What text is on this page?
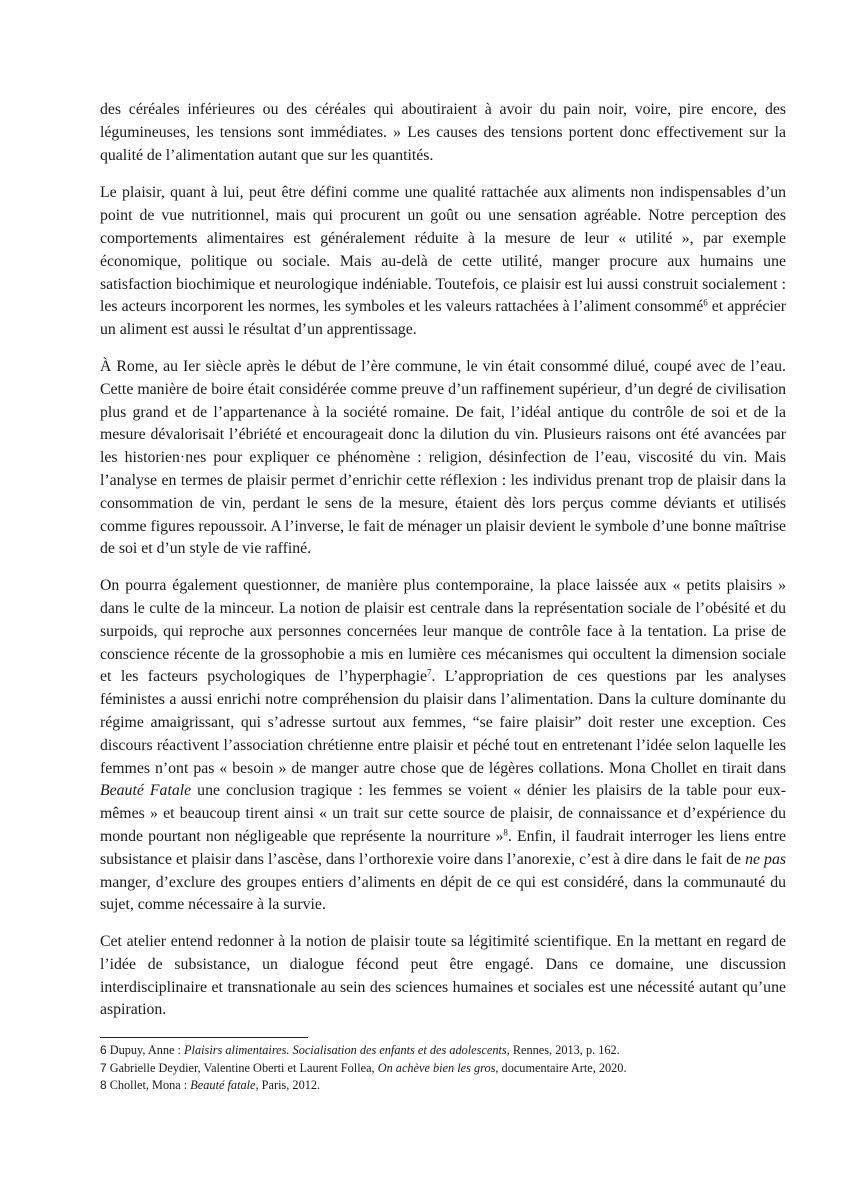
des céréales inférieures ou des céréales qui aboutiraient à avoir du pain noir, voire, pire encore, des légumineuses, les tensions sont immédiates. » Les causes des tensions portent donc effectivement sur la qualité de l’alimentation autant que sur les quantités.

Le plaisir, quant à lui, peut être défini comme une qualité rattachée aux aliments non indispensables d’un point de vue nutritionnel, mais qui procurent un goût ou une sensation agréable. Notre perception des comportements alimentaires est généralement réduite à la mesure de leur « utilité », par exemple économique, politique ou sociale. Mais au-delà de cette utilité, manger procure aux humains une satisfaction biochimique et neurologique indéniable. Toutefois, ce plaisir est lui aussi construit socialement : les acteurs incorporent les normes, les symboles et les valeurs rattachées à l’aliment consommé$^6$ et apprécier un aliment est aussi le résultat d’un apprentissage.

À Rome, au Ier siècle après le début de l’ère commune, le vin était consommé dilué, coupé avec de l’eau. Cette manière de boire était considérée comme preuve d’un raffinement supérieur, d’un degré de civilisation plus grand et de l’appartenance à la société romaine. De fait, l’idéal antique du contrôle de soi et de la mesure dévalorisait l’ébriété et encourageait donc la dilution du vin. Plusieurs raisons ont été avancées par les historien·nes pour expliquer ce phénomène : religion, désinfection de l’eau, viscosité du vin. Mais l’analyse en termes de plaisir permet d’enrichir cette réflexion : les individus prenant trop de plaisir dans la consommation de vin, perdant le sens de la mesure, étaient dès lors perçus comme déviants et utilisés comme figures repoussoir. A l’inverse, le fait de ménager un plaisir devient le symbole d’une bonne maîtrise de soi et d’un style de vie raffiné.

On pourra également questionner, de manière plus contemporaine, la place laissée aux « petits plaisirs » dans le culte de la minceur. La notion de plaisir est centrale dans la représentation sociale de l’obésité et du surpoids, qui reproche aux personnes concernées leur manque de contrôle face à la tentation. La prise de conscience récente de la grossophobie a mis en lumière ces mécanismes qui occultent la dimension sociale et les facteurs psychologiques de l’hyperphagie$^7$. L’appropriation de ces questions par les analyses féministes a aussi enrichi notre compréhension du plaisir dans l’alimentation. Dans la culture dominante du régime amaigrissant, qui s’adresse surtout aux femmes, “se faire plaisir” doit rester une exception. Ces discours réactivent l’association chrétienne entre plaisir et péché tout en entretenant l’idée selon laquelle les femmes n’ont pas « besoin » de manger autre chose que de légères collations. Mona Chollet en tirait dans Beauté Fatale une conclusion tragique : les femmes se voient « dénier les plaisirs de la table pour eux-mêmes » et beaucoup tirent ainsi « un trait sur cette source de plaisir, de connaissance et d’expérience du monde pourtant non négligeable que représente la nourriture »$^8$. Enfin, il faudrait interroger les liens entre subsistance et plaisir dans l’ascèse, dans l’orthorexie voire dans l’anorexie, c’est à dire dans le fait de ne pas manger, d’exclure des groupes entiers d’aliments en dépit de ce qui est considéré, dans la communauté du sujet, comme nécessaire à la survie.

Cet atelier entend redonner à la notion de plaisir toute sa légitimité scientifique. En la mettant en regard de l’idée de subsistance, un dialogue fécond peut être engagé. Dans ce domaine, une discussion interdisciplinaire et transnationale au sein des sciences humaines et sociales est une nécessité autant qu’une aspiration.

6 Dupuy, Anne : Plaisirs alimentaires. Socialisation des enfants et des adolescents, Rennes, 2013, p. 162.

7 Gabrielle Deydier, Valentine Oberti et Laurent Follea, On achève bien les gros, documentaire Arte, 2020.

8 Chollet, Mona : Beauté fatale, Paris, 2012.
